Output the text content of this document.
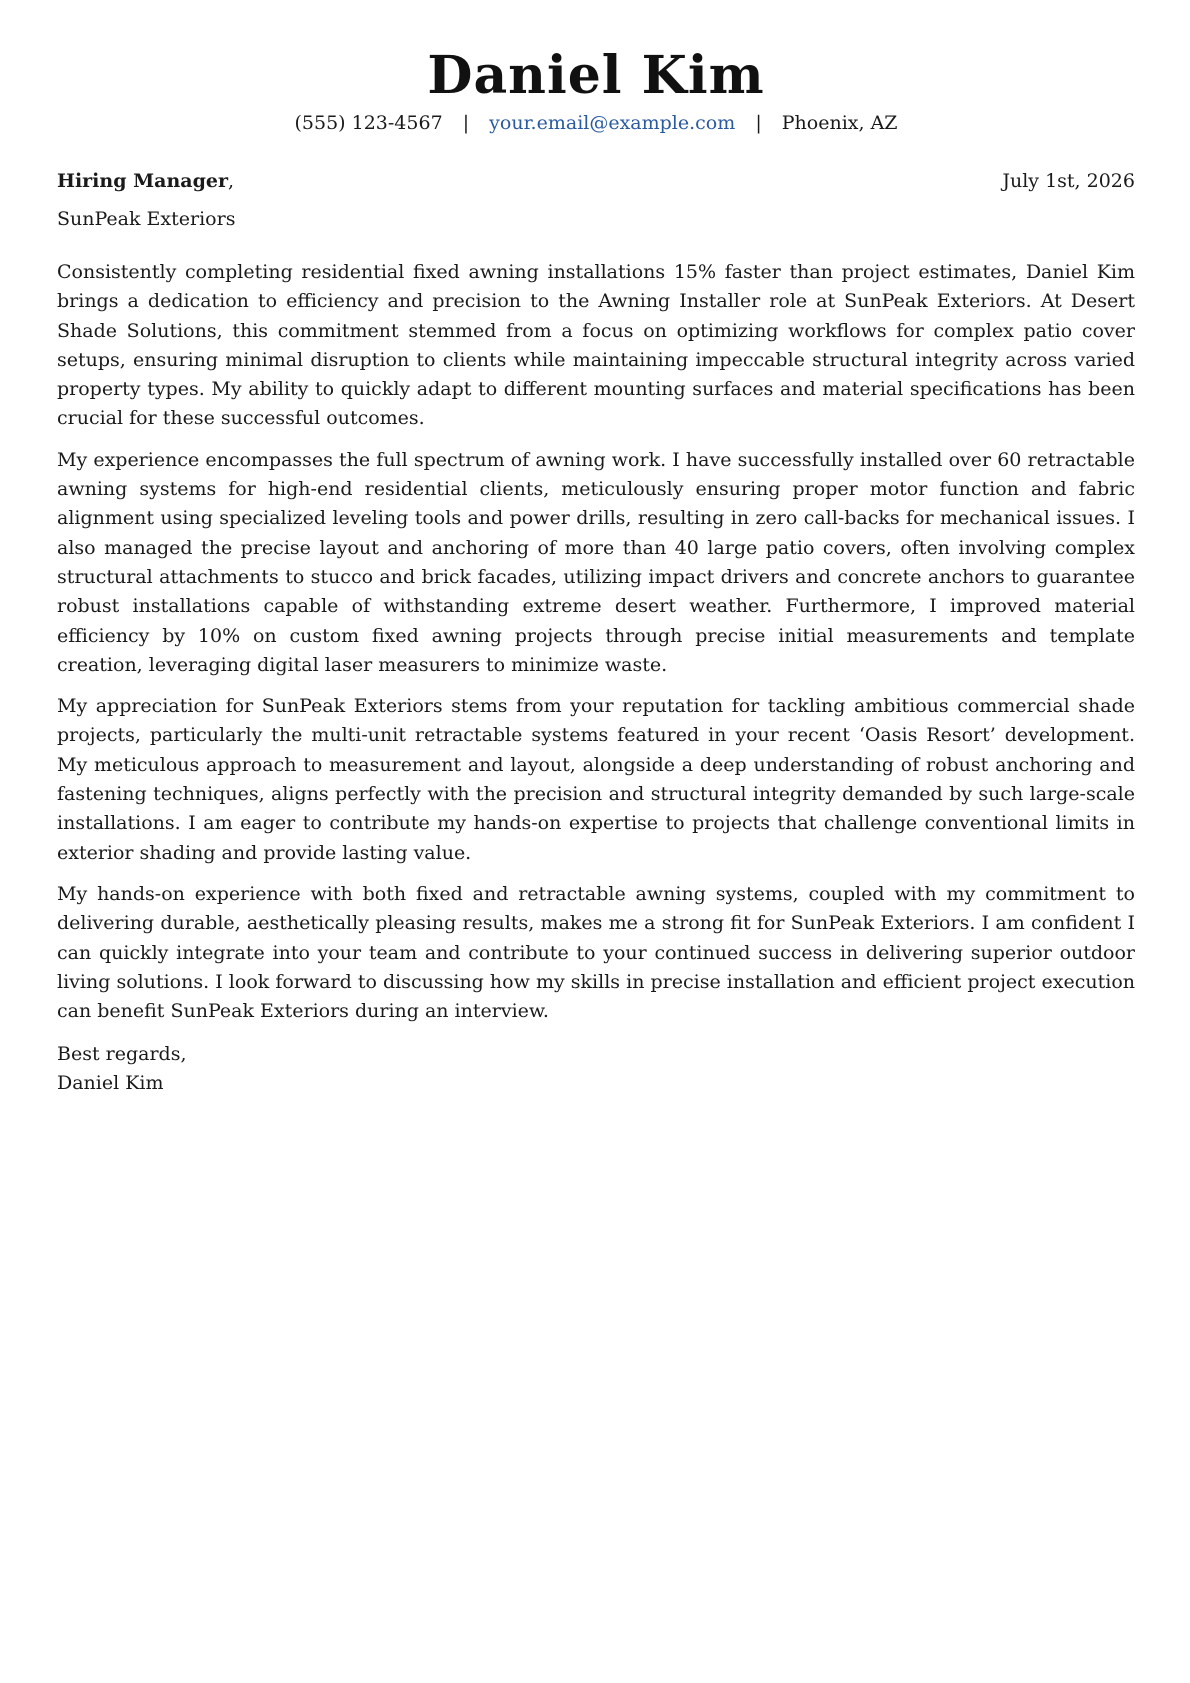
Daniel Kim
(555) 123-4567 | your.email@example.com | Phoenix, AZ
Hiring Manager,	July 1st, 2026
SunPeak Exteriors

Consistently completing residential fixed awning installations 15% faster than project estimates, Daniel Kim brings a dedication to efficiency and precision to the Awning Installer role at SunPeak Exteriors. At Desert Shade Solutions, this commitment stemmed from a focus on optimizing workflows for complex patio cover setups, ensuring minimal disruption to clients while maintaining impeccable structural integrity across varied property types. My ability to quickly adapt to different mounting surfaces and material specifications has been crucial for these successful outcomes.

My experience encompasses the full spectrum of awning work. I have successfully installed over 60 retractable awning systems for high-end residential clients, meticulously ensuring proper motor function and fabric alignment using specialized leveling tools and power drills, resulting in zero call-backs for mechanical issues. I also managed the precise layout and anchoring of more than 40 large patio covers, often involving complex structural attachments to stucco and brick facades, utilizing impact drivers and concrete anchors to guarantee robust installations capable of withstanding extreme desert weather. Furthermore, I improved material efficiency by 10% on custom fixed awning projects through precise initial measurements and template creation, leveraging digital laser measurers to minimize waste.

My appreciation for SunPeak Exteriors stems from your reputation for tackling ambitious commercial shade projects, particularly the multi-unit retractable systems featured in your recent ‘Oasis Resort’ development. My meticulous approach to measurement and layout, alongside a deep understanding of robust anchoring and fastening techniques, aligns perfectly with the precision and structural integrity demanded by such large-scale installations. I am eager to contribute my hands-on expertise to projects that challenge conventional limits in exterior shading and provide lasting value.

My hands-on experience with both fixed and retractable awning systems, coupled with my commitment to delivering durable, aesthetically pleasing results, makes me a strong fit for SunPeak Exteriors. I am confident I can quickly integrate into your team and contribute to your continued success in delivering superior outdoor living solutions. I look forward to discussing how my skills in precise installation and efficient project execution can benefit SunPeak Exteriors during an interview.

Best regards,
Daniel Kim
